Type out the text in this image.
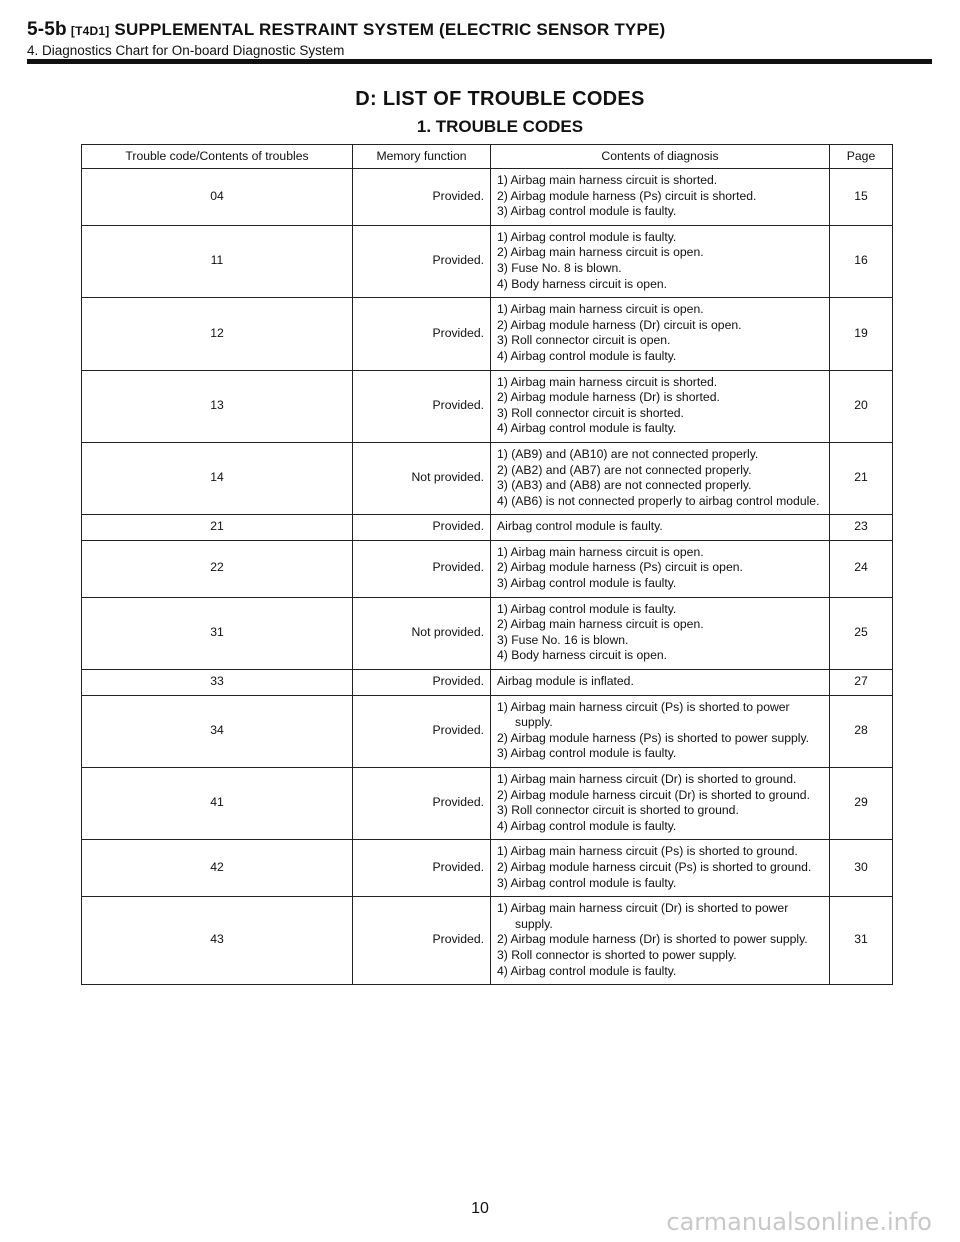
5-5b [T4D1] SUPPLEMENTAL RESTRAINT SYSTEM (ELECTRIC SENSOR TYPE)
4. Diagnostics Chart for On-board Diagnostic System
D: LIST OF TROUBLE CODES
1. TROUBLE CODES
Trouble code/Contents of troubles	Memory function	Contents of diagnosis	Page
04	Provided.	1) Airbag main harness circuit is shorted.
2) Airbag module harness (Ps) circuit is shorted.
3) Airbag control module is faulty.	15
11	Provided.	1) Airbag control module is faulty.
2) Airbag main harness circuit is open.
3) Fuse No. 8 is blown.
4) Body harness circuit is open.	16
12	Provided.	1) Airbag main harness circuit is open.
2) Airbag module harness (Dr) circuit is open.
3) Roll connector circuit is open.
4) Airbag control module is faulty.	19
13	Provided.	1) Airbag main harness circuit is shorted.
2) Airbag module harness (Dr) is shorted.
3) Roll connector circuit is shorted.
4) Airbag control module is faulty.	20
14	Not provided.	1) (AB9) and (AB10) are not connected properly.
2) (AB2) and (AB7) are not connected properly.
3) (AB3) and (AB8) are not connected properly.
4) (AB6) is not connected properly to airbag control module.	21
21	Provided.	Airbag control module is faulty.	23
22	Provided.	1) Airbag main harness circuit is open.
2) Airbag module harness (Ps) circuit is open.
3) Airbag control module is faulty.	24
31	Not provided.	1) Airbag control module is faulty.
2) Airbag main harness circuit is open.
3) Fuse No. 16 is blown.
4) Body harness circuit is open.	25
33	Provided.	Airbag module is inflated.	27
34	Provided.	1) Airbag main harness circuit (Ps) is shorted to power supply.
2) Airbag module harness (Ps) is shorted to power supply.
3) Airbag control module is faulty.	28
41	Provided.	1) Airbag main harness circuit (Dr) is shorted to ground.
2) Airbag module harness circuit (Dr) is shorted to ground.
3) Roll connector circuit is shorted to ground.
4) Airbag control module is faulty.	29
42	Provided.	1) Airbag main harness circuit (Ps) is shorted to ground.
2) Airbag module harness circuit (Ps) is shorted to ground.
3) Airbag control module is faulty.	30
43	Provided.	1) Airbag main harness circuit (Dr) is shorted to power supply.
2) Airbag module harness (Dr) is shorted to power supply.
3) Roll connector is shorted to power supply.
4) Airbag control module is faulty.	31
10	carmanualsonline.info
